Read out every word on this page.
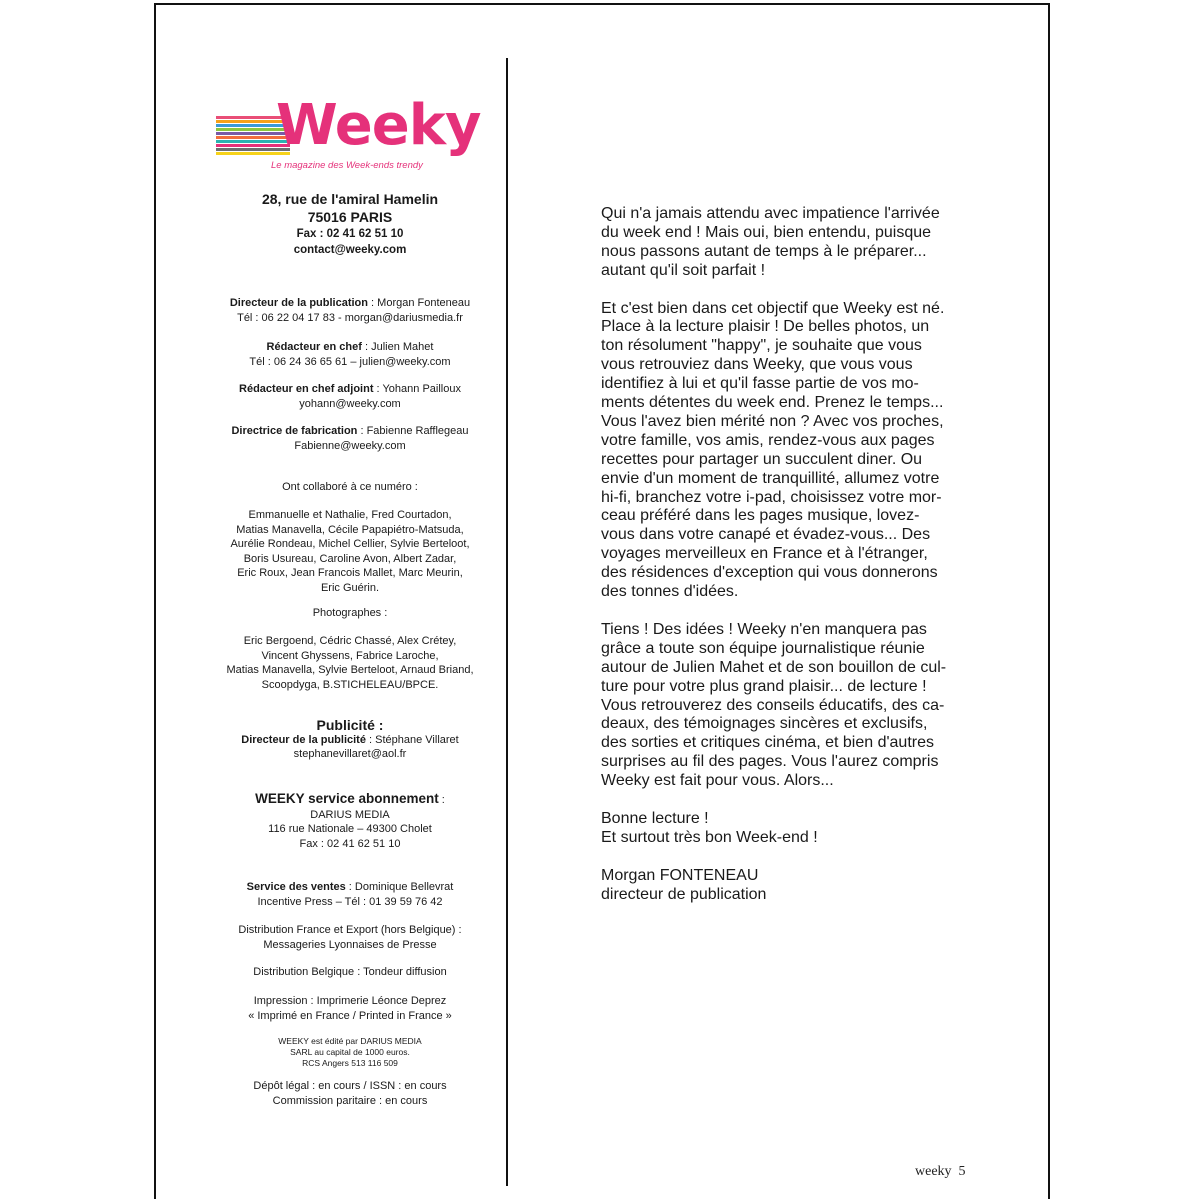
Weeky
Le magazine des Week-ends trendy
28, rue de l'amiral Hamelin
75016 PARIS
Fax : 02 41 62 51 10
contact@weeky.com
Directeur de la publication : Morgan Fonteneau
Tél : 06 22 04 17 83 - morgan@dariusmedia.fr
Rédacteur en chef : Julien Mahet
Tél : 06 24 36 65 61 – julien@weeky.com
Rédacteur en chef adjoint : Yohann Pailloux
yohann@weeky.com
Directrice de fabrication : Fabienne Rafflegeau
Fabienne@weeky.com
Ont collaboré à ce numéro :
Emmanuelle et Nathalie, Fred Courtadon,
Matias Manavella, Cécile Papapiétro-Matsuda,
Aurélie Rondeau, Michel Cellier, Sylvie Berteloot,
Boris Usureau, Caroline Avon, Albert Zadar,
Eric Roux, Jean Francois Mallet, Marc Meurin,
Eric Guérin.
Photographes :
Eric Bergoend, Cédric Chassé, Alex Crétey,
Vincent Ghyssens, Fabrice Laroche,
Matias Manavella, Sylvie Berteloot, Arnaud Briand,
Scoopdyga, B.STICHELEAU/BPCE.
Publicité :
Directeur de la publicité : Stéphane Villaret
stephanevillaret@aol.fr
WEEKY service abonnement :
DARIUS MEDIA
116 rue Nationale – 49300 Cholet
Fax : 02 41 62 51 10
Service des ventes : Dominique Bellevrat
Incentive Press – Tél : 01 39 59 76 42
Distribution France et Export (hors Belgique) :
Messageries Lyonnaises de Presse
Distribution Belgique : Tondeur diffusion
Impression : Imprimerie Léonce Deprez
« Imprimé en France / Printed in France »
WEEKY est édité par DARIUS MEDIA
SARL au capital de 1000 euros.
RCS Angers 513 116 509
Dépôt légal : en cours / ISSN : en cours
Commission paritaire : en cours

Qui n'a jamais attendu avec impatience l'arrivée
du week end ! Mais oui, bien entendu, puisque
nous passons autant de temps à le préparer...
autant qu'il soit parfait !

Et c'est bien dans cet objectif que Weeky est né.
Place à la lecture plaisir ! De belles photos, un
ton résolument "happy", je souhaite que vous
vous retrouviez dans Weeky, que vous vous
identifiez à lui et qu'il fasse partie de vos mo-
ments détentes du week end. Prenez le temps...
Vous l'avez bien mérité non ? Avec vos proches,
votre famille, vos amis, rendez-vous aux pages
recettes pour partager un succulent diner. Ou
envie d'un moment de tranquillité, allumez votre
hi-fi, branchez votre i-pad, choisissez votre mor-
ceau préféré dans les pages musique, lovez-
vous dans votre canapé et évadez-vous... Des
voyages merveilleux en France et à l'étranger,
des résidences d'exception qui vous donnerons
des tonnes d'idées.

Tiens ! Des idées ! Weeky n'en manquera pas
grâce a toute son équipe journalistique réunie
autour de Julien Mahet et de son bouillon de cul-
ture pour votre plus grand plaisir... de lecture !
Vous retrouverez des conseils éducatifs, des ca-
deaux, des témoignages sincères et exclusifs,
des sorties et critiques cinéma, et bien d'autres
surprises au fil des pages. Vous l'aurez compris
Weeky est fait pour vous. Alors...

Bonne lecture !
Et surtout très bon Week-end !

Morgan FONTENEAU
directeur de publication

weeky 5
